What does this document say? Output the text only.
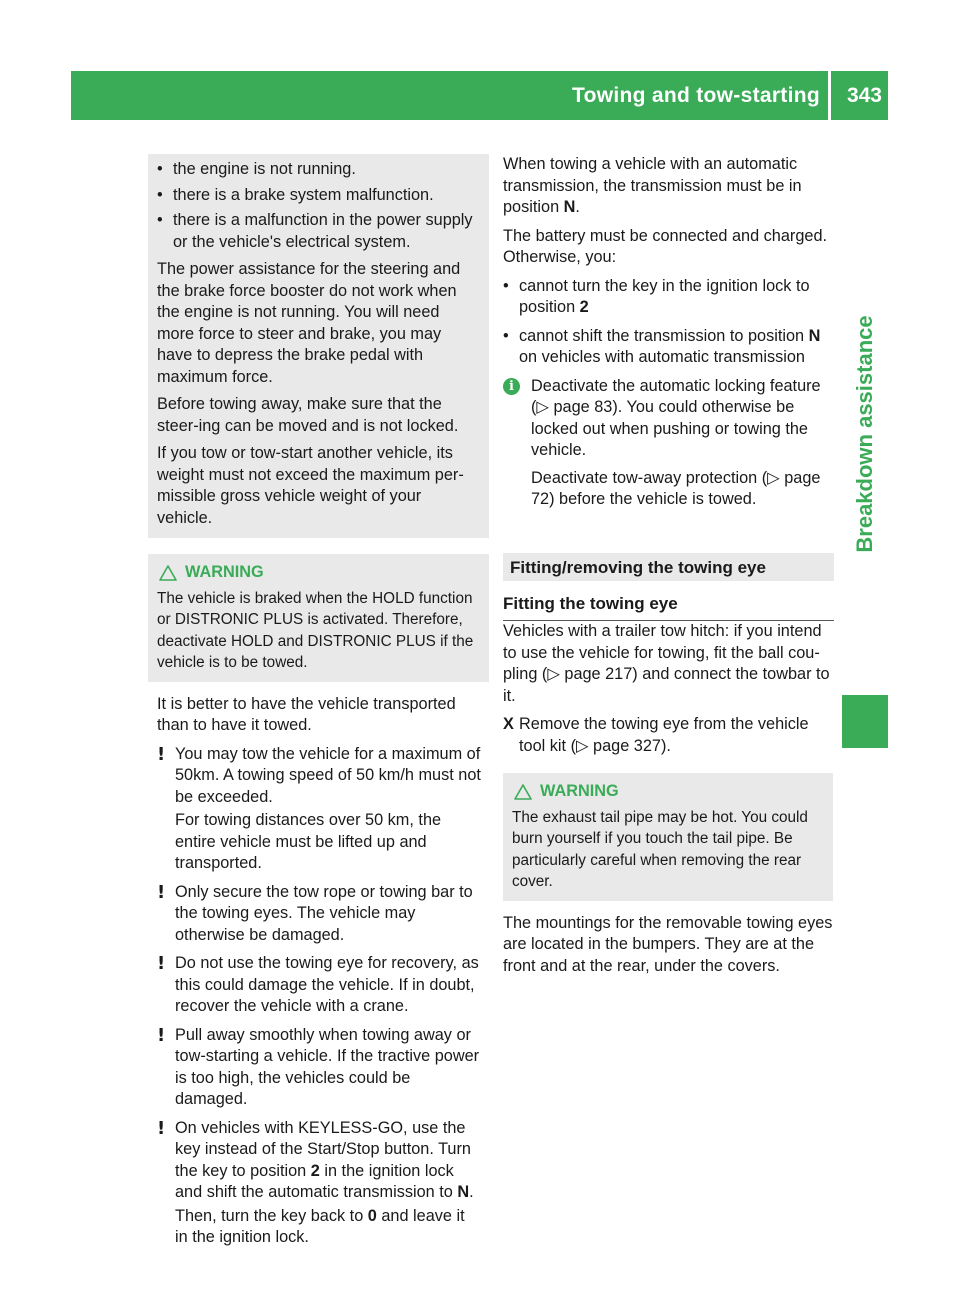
Towing and tow-starting 343
Breakdown assistance
• the engine is not running.
• there is a brake system malfunction.
• there is a malfunction in the power supply or the vehicle's electrical system.

The power assistance for the steering and the brake force booster do not work when the engine is not running. You will need more force to steer and brake, you may have to depress the brake pedal with maximum force.

Before towing away, make sure that the steer-ing can be moved and is not locked.

If you tow or tow-start another vehicle, its weight must not exceed the maximum per-missible gross vehicle weight of your vehicle.

WARNING
The vehicle is braked when the HOLD function or DISTRONIC PLUS is activated. Therefore, deactivate HOLD and DISTRONIC PLUS if the vehicle is to be towed.

It is better to have the vehicle transported than to have it towed.

! You may tow the vehicle for a maximum of 50km. A towing speed of 50 km/h must not be exceeded.
For towing distances over 50 km, the entire vehicle must be lifted up and transported.
! Only secure the tow rope or towing bar to the towing eyes. The vehicle may otherwise be damaged.
! Do not use the towing eye for recovery, as this could damage the vehicle. If in doubt, recover the vehicle with a crane.
! Pull away smoothly when towing away or tow-starting a vehicle. If the tractive power is too high, the vehicles could be damaged.
! On vehicles with KEYLESS-GO, use the key instead of the Start/Stop button. Turn the key to position 2 in the ignition lock and shift the automatic transmission to N.
Then, turn the key back to 0 and leave it in the ignition lock.

When towing a vehicle with an automatic transmission, the transmission must be in position N.

The battery must be connected and charged. Otherwise, you:

• cannot turn the key in the ignition lock to position 2
• cannot shift the transmission to position N on vehicles with automatic transmission
i	Deactivate the automatic locking feature (▷ page 83). You could otherwise be locked out when pushing or towing the vehicle.

Deactivate tow-away protection (▷ page 72) before the vehicle is towed.

Fitting/removing the towing eye
Fitting the towing eye

Vehicles with a trailer tow hitch: if you intend to use the vehicle for towing, fit the ball cou-pling (▷ page 217) and connect the towbar to it.

X Remove the towing eye from the vehicle tool kit (▷ page 327).
WARNING
The exhaust tail pipe may be hot. You could burn yourself if you touch the tail pipe. Be particularly careful when removing the rear cover.

The mountings for the removable towing eyes are located in the bumpers. They are at the front and at the rear, under the covers.
